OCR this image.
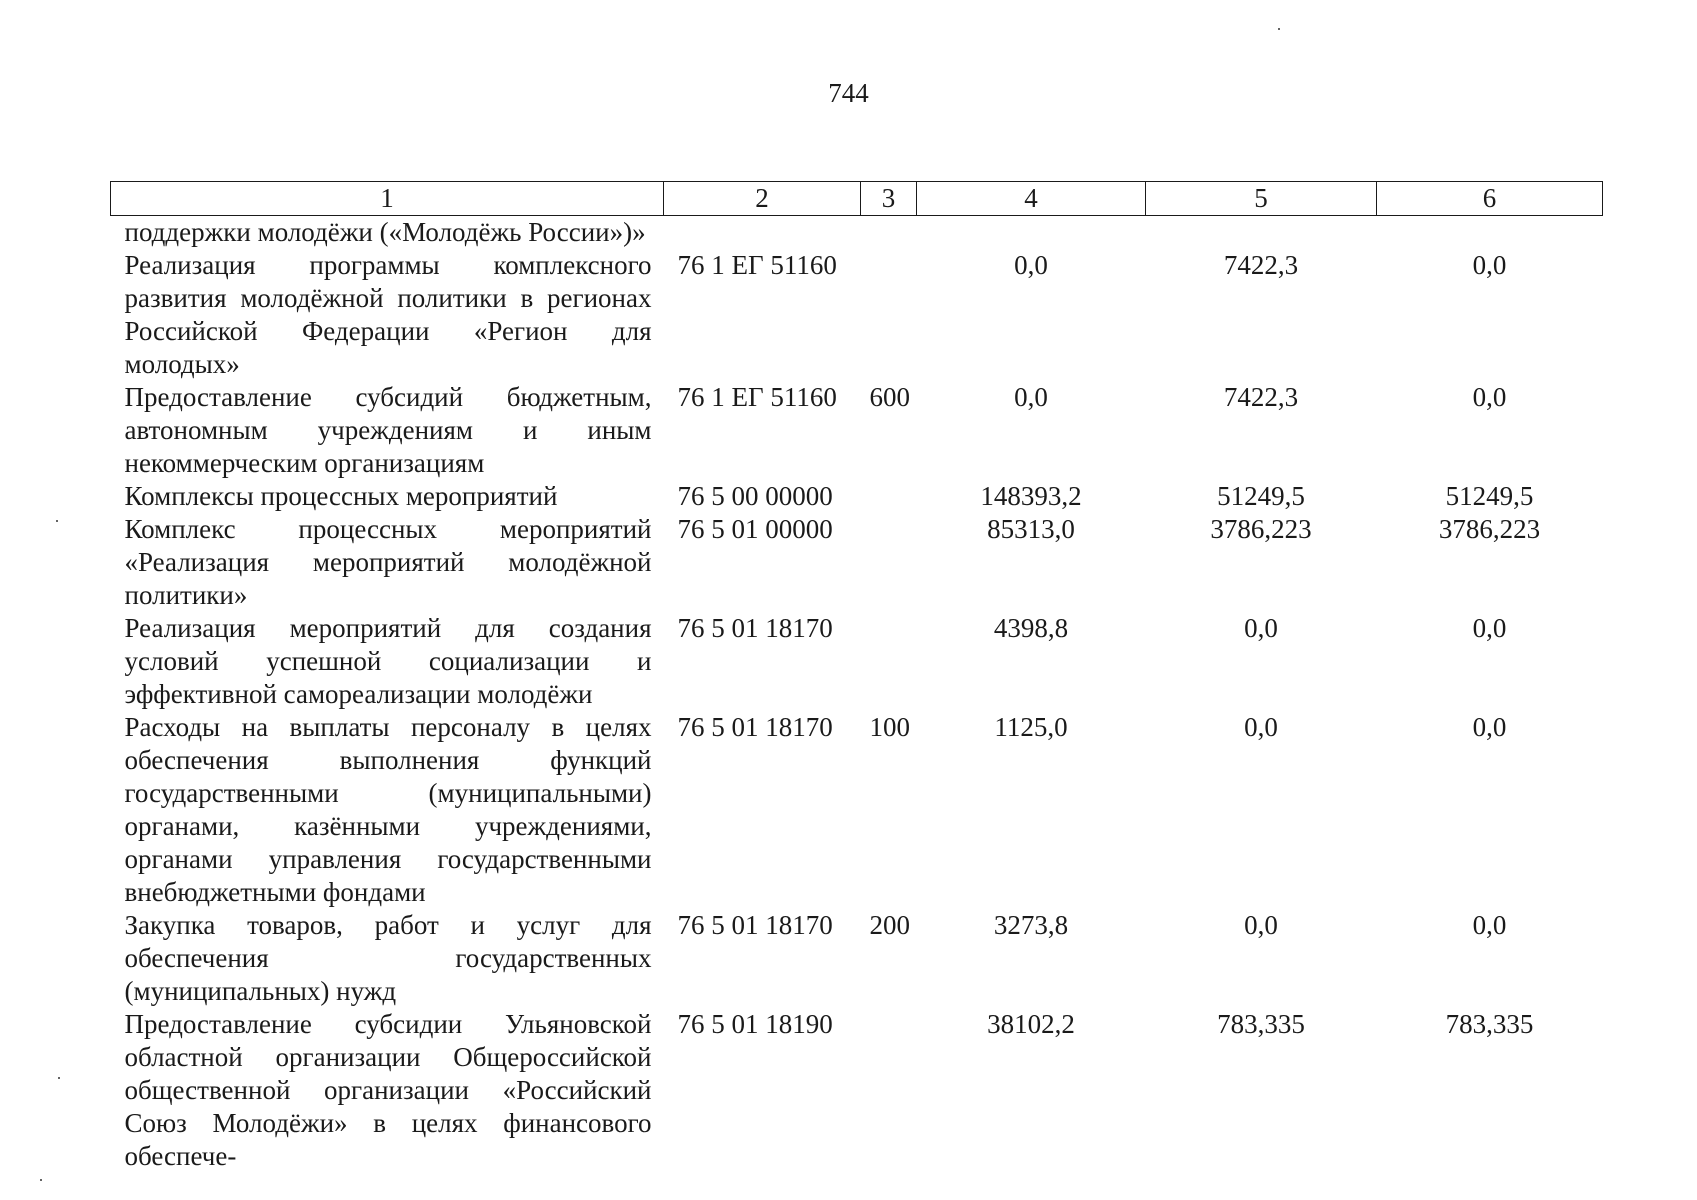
744
1	2	3	4	5	6
поддержки молодёжи («Молодёжь России»)»					
Реализация программы комплексного развития молодёжной политики в регионах Российской Федерации «Регион для молодых»	76 1 ЕГ 51160		0,0	7422,3	0,0
Предоставление субсидий бюджетным, автономным учреждениям и иным некоммерческим организациям	76 1 ЕГ 51160	600	0,0	7422,3	0,0
Комплексы процессных мероприятий	76 5 00 00000		148393,2	51249,5	51249,5
Комплекс процессных мероприятий «Реализация мероприятий молодёжной политики»	76 5 01 00000		85313,0	3786,223	3786,223
Реализация мероприятий для создания условий успешной социализации и эффективной самореализации молодёжи	76 5 01 18170		4398,8	0,0	0,0
Расходы на выплаты персоналу в целях обеспечения выполнения функций государственными (муниципальными) органами, казёнными учреждениями, органами управления государственными внебюджетными фондами	76 5 01 18170	100	1125,0	0,0	0,0
Закупка товаров, работ и услуг для обеспечения государственных (муниципальных) нужд	76 5 01 18170	200	3273,8	0,0	0,0
Предоставление субсидии Ульяновской областной организации Общероссийской общественной организации «Российский Союз Молодёжи» в целях финансового обеспече-	76 5 01 18190		38102,2	783,335	783,335
